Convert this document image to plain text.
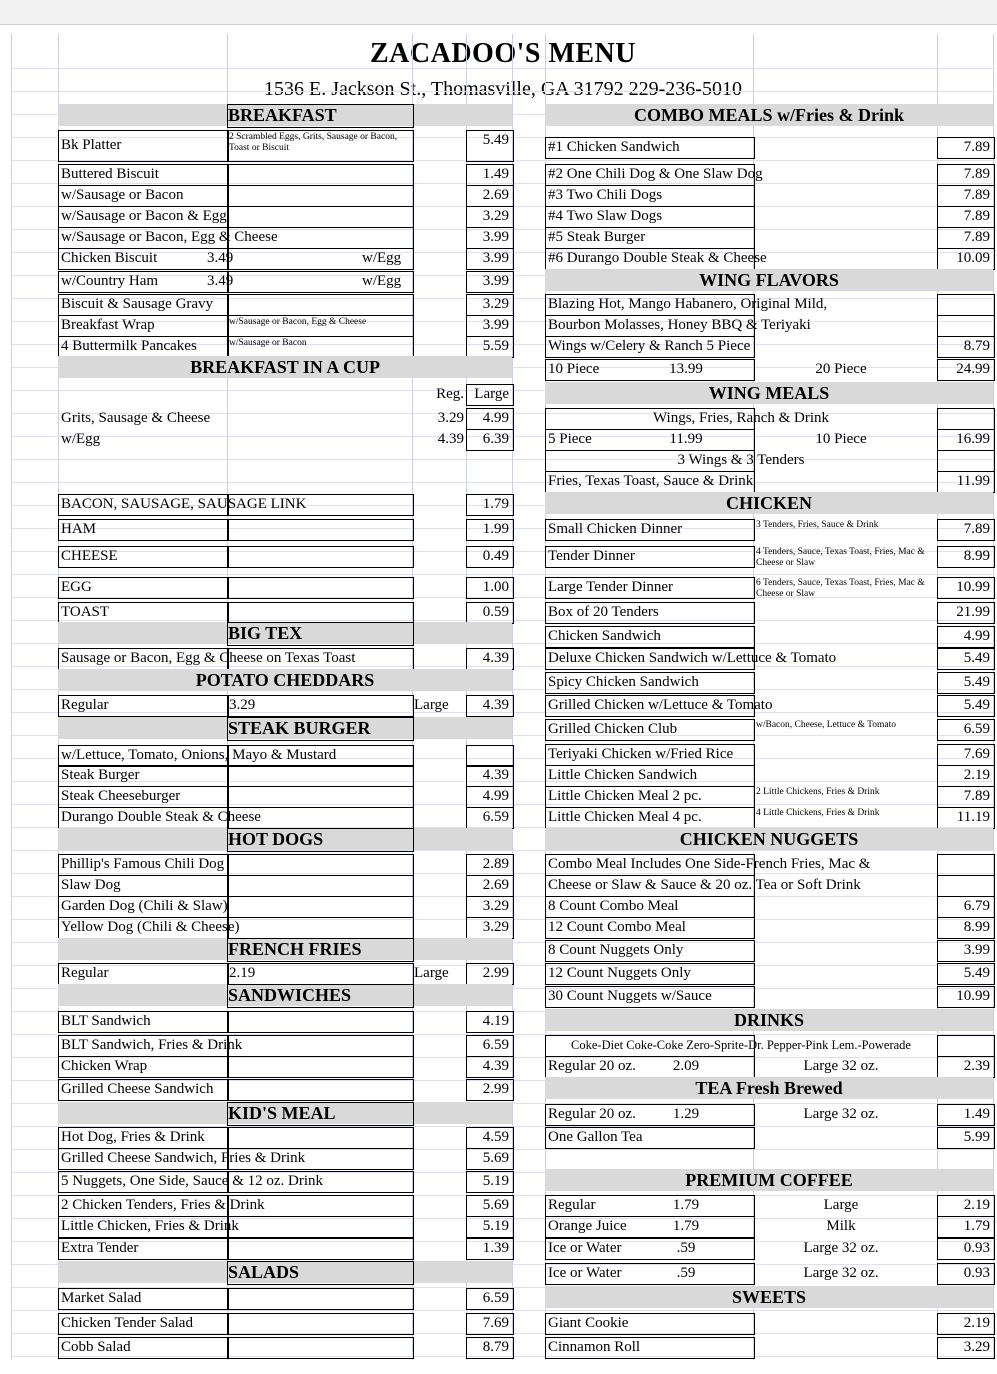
ZACADOO'S MENU
1536 E. Jackson St., Thomasville, GA 31792 229-236-5010
BREAKFAST
Bk Platter	2 Scrambled Eggs, Grits, Sausage or Bacon, Toast or Biscuit	5.49
Buttered Biscuit	1.49
w/Sausage or Bacon	2.69
w/Sausage or Bacon & Egg	3.29
w/Sausage or Bacon, Egg & Cheese	3.99
Chicken Biscuit	3.49	w/Egg	3.99
w/Country Ham	3.49	w/Egg	3.99
Biscuit & Sausage Gravy	3.29
Breakfast Wrap	w/Sausage or Bacon, Egg & Cheese	3.99
4 Buttermilk Pancakes	w/Sausage or Bacon	5.59
BREAKFAST IN A CUP
Reg. Large
Grits, Sausage & Cheese	3.29	4.99
w/Egg	4.39	6.39
BACON, SAUSAGE, SAUSAGE LINK	1.79
HAM	1.99
CHEESE	0.49
EGG	1.00
TOAST	0.59
BIG TEX
Sausage or Bacon, Egg & Cheese on Texas Toast	4.39
POTATO CHEDDARS
Regular	3.29	Large	4.39
STEAK BURGER
w/Lettuce, Tomato, Onions, Mayo & Mustard
Steak Burger	4.39
Steak Cheeseburger	4.99
Durango Double Steak & Cheese	6.59
HOT DOGS
Phillip's Famous Chili Dog	2.89
Slaw Dog	2.69
Garden Dog (Chili & Slaw)	3.29
Yellow Dog (Chili & Cheese)	3.29
FRENCH FRIES
Regular	2.19	Large	2.99
SANDWICHES
BLT Sandwich	4.19
BLT Sandwich, Fries & Drink	6.59
Chicken Wrap	4.39
Grilled Cheese Sandwich	2.99
KID'S MEAL
Hot Dog, Fries & Drink	4.59
Grilled Cheese Sandwich, Fries & Drink	5.69
5 Nuggets, One Side, Sauce & 12 oz. Drink	5.19
2 Chicken Tenders, Fries & Drink	5.69
Little Chicken, Fries & Drink	5.19
Extra Tender	1.39
SALADS
Market Salad	6.59
Chicken Tender Salad	7.69
Cobb Salad	8.79
COMBO MEALS w/Fries & Drink
#1 Chicken Sandwich	7.89
#2 One Chili Dog & One Slaw Dog	7.89
#3 Two Chili Dogs	7.89
#4 Two Slaw Dogs	7.89
#5 Steak Burger	7.89
#6 Durango Double Steak & Cheese	10.09
WING FLAVORS
Blazing Hot, Mango Habanero, Original Mild,
Bourbon Molasses, Honey BBQ & Teriyaki
Wings w/Celery & Ranch 5 Piece	8.79
10 Piece	13.99	20 Piece	24.99
WING MEALS
Wings, Fries, Ranch & Drink
5 Piece	11.99	10 Piece	16.99
3 Wings & 3 Tenders
Fries, Texas Toast, Sauce & Drink	11.99
CHICKEN
Small Chicken Dinner	3 Tenders, Fries, Sauce & Drink	7.89
Tender Dinner	4 Tenders, Sauce, Texas Toast, Fries, Mac & Cheese or Slaw	8.99
Large Tender Dinner	6 Tenders, Sauce, Texas Toast, Fries, Mac & Cheese or Slaw	10.99
Box of 20 Tenders	21.99
Chicken Sandwich	4.99
Deluxe Chicken Sandwich w/Lettuce & Tomato	5.49
Spicy Chicken Sandwich	5.49
Grilled Chicken w/Lettuce & Tomato	5.49
Grilled Chicken Club	w/Bacon, Cheese, Lettuce & Tomato	6.59
Teriyaki Chicken w/Fried Rice	7.69
Little Chicken Sandwich	2.19
Little Chicken Meal 2 pc.	2 Little Chickens, Fries & Drink	7.89
Little Chicken Meal 4 pc.	4 Little Chickens, Fries & Drink	11.19
CHICKEN NUGGETS
Combo Meal Includes One Side-French Fries, Mac &
Cheese or Slaw & Sauce & 20 oz. Tea or Soft Drink
8 Count Combo Meal	6.79
12 Count Combo Meal	8.99
8 Count Nuggets Only	3.99
12 Count Nuggets Only	5.49
30 Count Nuggets w/Sauce	10.99
DRINKS
Coke-Diet Coke-Coke Zero-Sprite-Dr. Pepper-Pink Lem.-Powerade
Regular 20 oz.	2.09	Large 32 oz.	2.39
TEA Fresh Brewed
Regular 20 oz.	1.29	Large 32 oz.	1.49
One Gallon Tea	5.99
PREMIUM COFFEE
Regular	1.79	Large	2.19
Orange Juice	1.79	Milk	1.79
Ice or Water	.59	Large 32 oz.	0.93
Ice or Water	.59	Large 32 oz.	0.93
SWEETS
Giant Cookie	2.19
Cinnamon Roll	3.29
